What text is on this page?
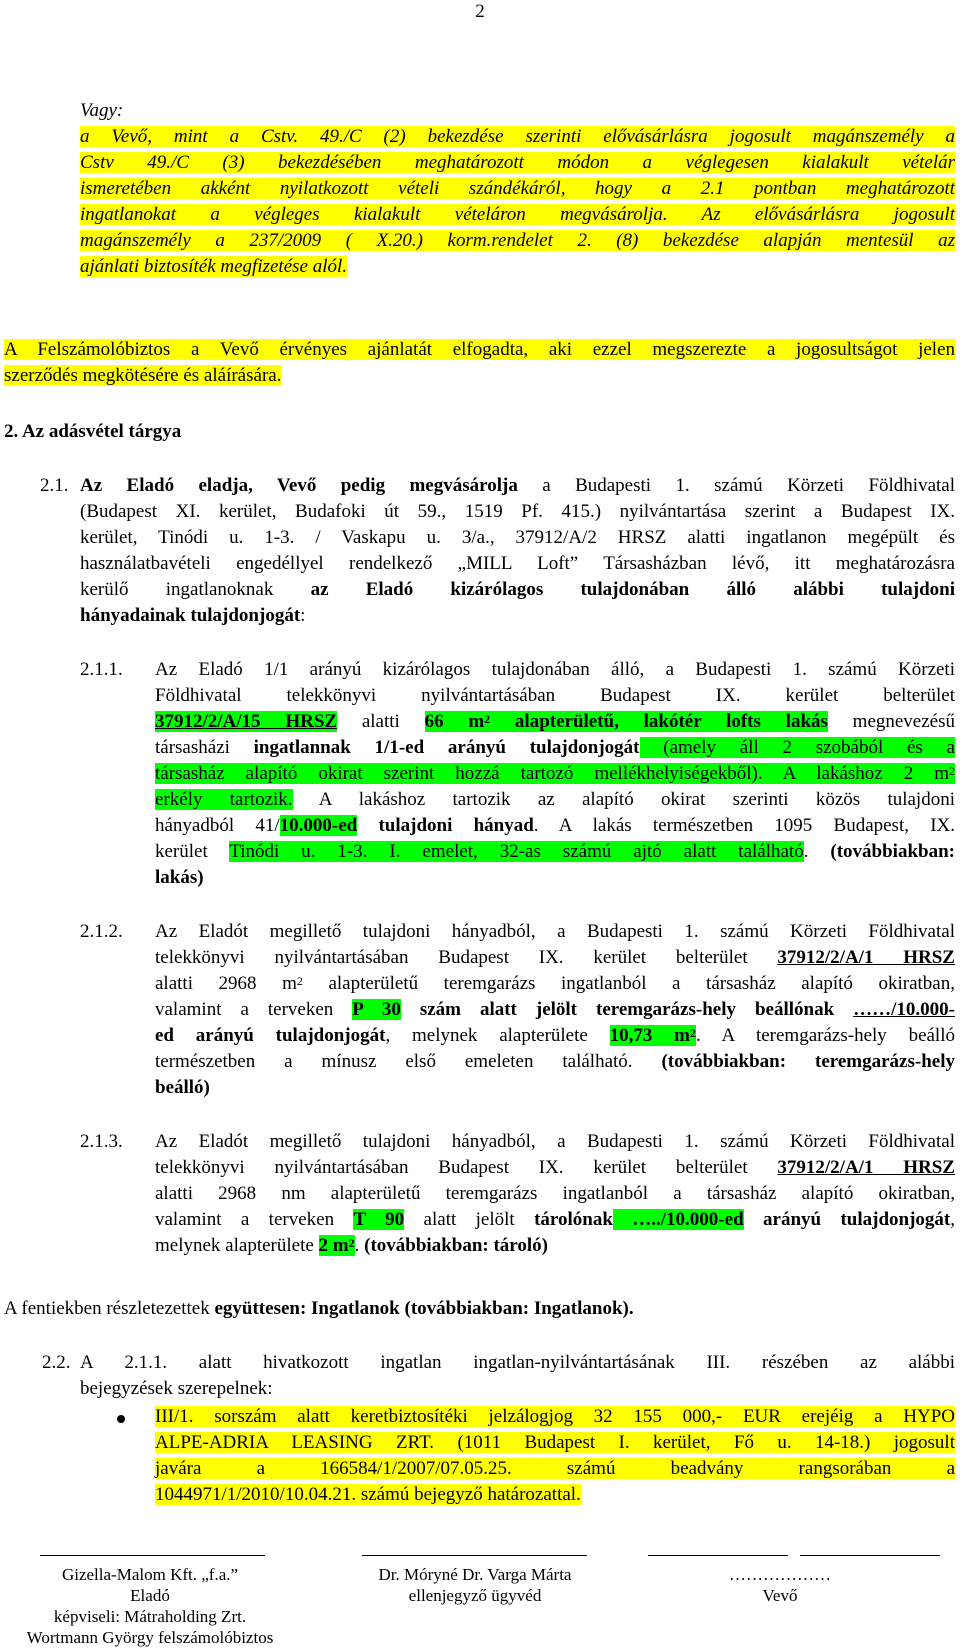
2
Vagy:
a Vevő, mint a Cstv. 49./C (2) bekezdése szerinti elővásárlásra jogosult magánszemély a
Cstv 49./C (3) bekezdésében meghatározott módon a véglegesen kialakult vételár
ismeretében akként nyilatkozott vételi szándékáról, hogy a 2.1 pontban meghatározott
ingatlanokat a végleges kialakult vételáron megvásárolja. Az elővásárlásra jogosult
magánszemély a 237/2009 ( X.20.) korm.rendelet 2. (8) bekezdése alapján mentesül az
ajánlati biztosíték megfizetése alól.
A Felszámolóbiztos a Vevő érvényes ajánlatát elfogadta, aki ezzel megszerezte a jogosultságot jelen
szerződés megkötésére és aláírására.
2. Az adásvétel tárgya
2.1. Az Eladó eladja, Vevő pedig megvásárolja a Budapesti 1. számú Körzeti Földhivatal
(Budapest XI. kerület, Budafoki út 59., 1519 Pf. 415.) nyilvántartása szerint a Budapest IX.
kerület, Tinódi u. 1-3. / Vaskapu u. 3/a., 37912/A/2 HRSZ alatti ingatlanon megépült és
használatbavételi engedéllyel rendelkező „MILL Loft” Társasházban lévő, itt meghatározásra
kerülő ingatlanoknak az Eladó kizárólagos tulajdonában álló alábbi tulajdoni
hányadainak tulajdonjogát:
2.1.1. Az Eladó 1/1 arányú kizárólagos tulajdonában álló, a Budapesti 1. számú Körzeti
Földhivatal telekkönyvi nyilvántartásában Budapest IX. kerület belterület
37912/2/A/15 HRSZ alatti 66 $m^2$ alapterületű, lakótér lofts lakás megnevezésű
társasházi ingatlannak 1/1-ed arányú tulajdonjogát (amely áll 2 szobából és a
társasház alapító okirat szerint hozzá tartozó mellékhelyiségekből). A lakáshoz 2 $m^2$
erkély tartozik. A lakáshoz tartozik az alapító okirat szerinti közös tulajdoni
hányadból 41/10.000-ed tulajdoni hányad. A lakás természetben 1095 Budapest, IX.
kerület Tinódi u. 1-3. I. emelet, 32-as számú ajtó alatt található. (továbbiakban:
lakás)
2.1.2. Az Eladót megillető tulajdoni hányadból, a Budapesti 1. számú Körzeti Földhivatal
telekkönyvi nyilvántartásában Budapest IX. kerület belterület 37912/2/A/1 HRSZ
alatti 2968 $m^2$ alapterületű teremgarázs ingatlanból a társasház alapító okiratban,
valamint a terveken P 30 szám alatt jelölt teremgarázs-hely beállónak ……/10.000-
ed arányú tulajdonjogát, melynek alapterülete 10,73 $m^2$. A teremgarázs-hely beálló
természetben a mínusz első emeleten található. (továbbiakban: teremgarázs-hely
beálló)
2.1.3. Az Eladót megillető tulajdoni hányadból, a Budapesti 1. számú Körzeti Földhivatal
telekkönyvi nyilvántartásában Budapest IX. kerület belterület 37912/2/A/1 HRSZ
alatti 2968 nm alapterületű teremgarázs ingatlanból a társasház alapító okiratban,
valamint a terveken T 90 alatt jelölt tárolónak …../10.000-ed arányú tulajdonjogát,
melynek alapterülete 2 $m^2$. (továbbiakban: tároló)
A fentiekben részletezettek együttesen: Ingatlanok (továbbiakban: Ingatlanok).
2.2. A 2.1.1. alatt hivatkozott ingatlan ingatlan-nyilvántartásának III. részében az alábbi
bejegyzések szerepelnek:
III/1. sorszám alatt keretbiztosítéki jelzálogjog 32 155 000,- EUR erejéig a HYPO
ALPE-ADRIA LEASING ZRT. (1011 Budapest I. kerület, Fő u. 14-18.) jogosult
javára a 166584/1/2007/07.05.25. számú beadvány rangsorában a
1044971/1/2010/10.04.21. számú bejegyző határozattal.
Gizella-Malom Kft. „f.a.”
Eladó
képviseli: Mátraholding Zrt.
Wortmann György felszámolóbiztos
Dr. Móryné Dr. Varga Márta
ellenjegyző ügyvéd
………………
Vevő
